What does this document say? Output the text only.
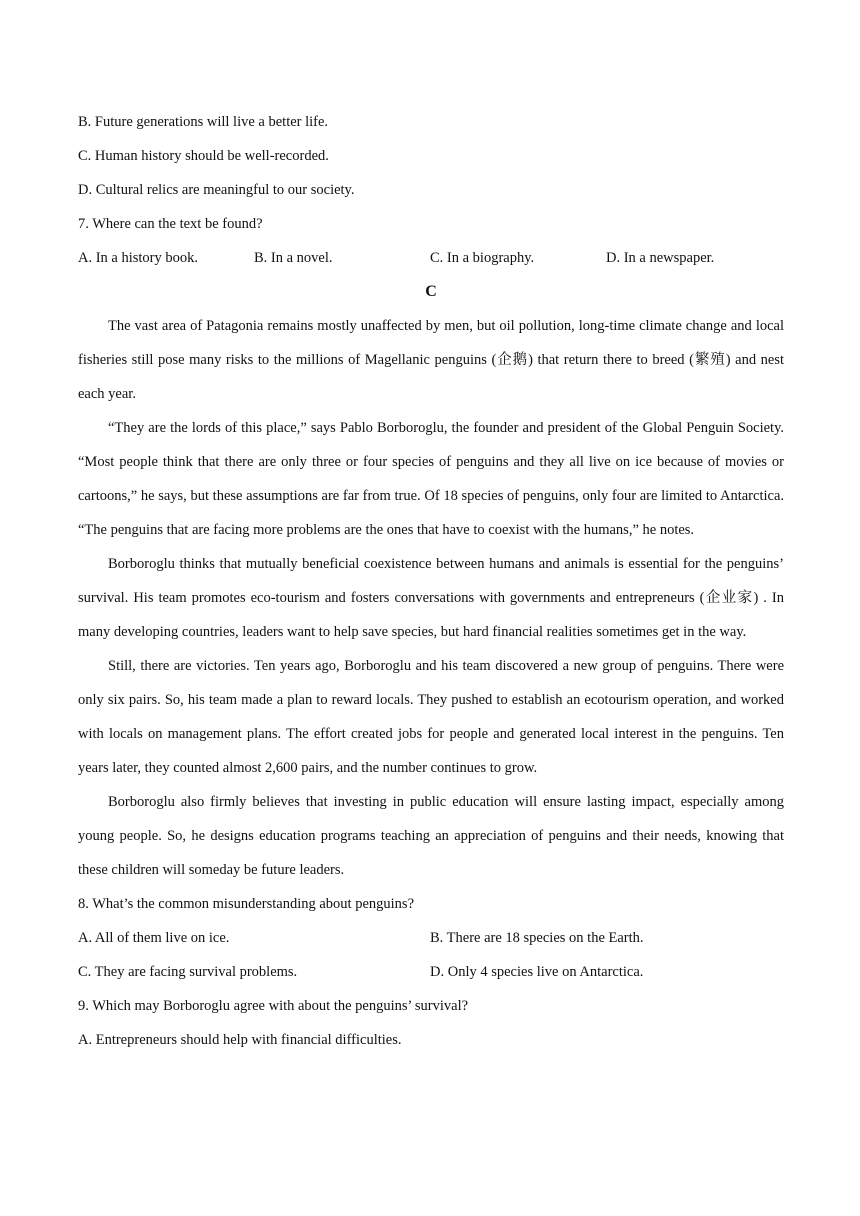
B. Future generations will live a better life.
C. Human history should be well-recorded.
D. Cultural relics are meaningful to our society.
7. Where can the text be found?
A. In a history book.	B. In a novel.	C. In a biography.	D. In a newspaper.
C
The vast area of Patagonia remains mostly unaffected by men, but oil pollution, long-time climate change and local fisheries still pose many risks to the millions of Magellanic penguins (企鹅) that return there to breed (繁殖) and nest each year.
“They are the lords of this place,” says Pablo Borboroglu, the founder and president of the Global Penguin Society. “Most people think that there are only three or four species of penguins and they all live on ice because of movies or cartoons,” he says, but these assumptions are far from true. Of 18 species of penguins, only four are limited to Antarctica. “The penguins that are facing more problems are the ones that have to coexist with the humans,” he notes.
Borboroglu thinks that mutually beneficial coexistence between humans and animals is essential for the penguins’ survival. His team promotes eco-tourism and fosters conversations with governments and entrepreneurs (企业家) . In many developing countries, leaders want to help save species, but hard financial realities sometimes get in the way.
Still, there are victories. Ten years ago, Borboroglu and his team discovered a new group of penguins. There were only six pairs. So, his team made a plan to reward locals. They pushed to establish an ecotourism operation, and worked with locals on management plans. The effort created jobs for people and generated local interest in the penguins. Ten years later, they counted almost 2,600 pairs, and the number continues to grow.
Borboroglu also firmly believes that investing in public education will ensure lasting impact, especially among young people. So, he designs education programs teaching an appreciation of penguins and their needs, knowing that these children will someday be future leaders.
8. What’s the common misunderstanding about penguins?
A. All of them live on ice.	B. There are 18 species on the Earth.
C. They are facing survival problems.	D. Only 4 species live on Antarctica.
9. Which may Borboroglu agree with about the penguins’ survival?
A. Entrepreneurs should help with financial difficulties.
